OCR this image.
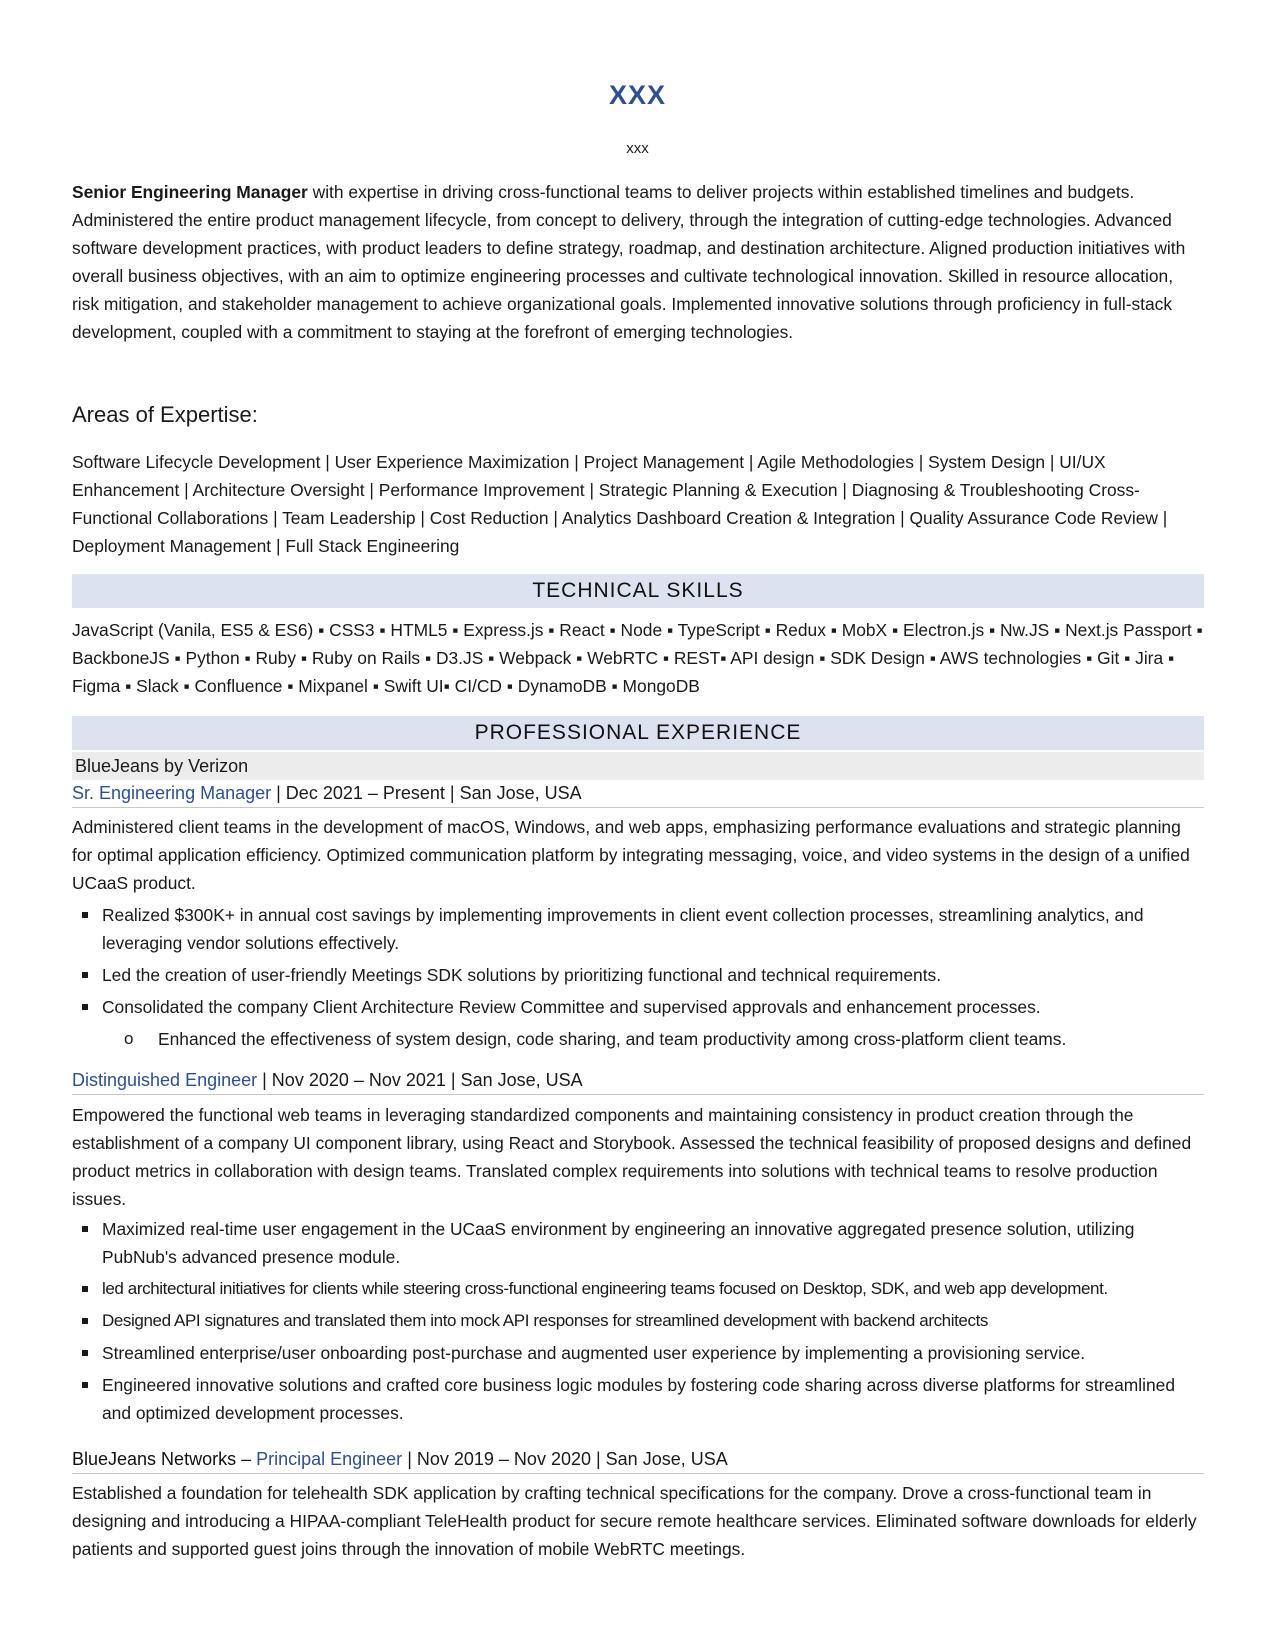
XXX
xxx
Senior Engineering Manager with expertise in driving cross-functional teams to deliver projects within established timelines and budgets. Administered the entire product management lifecycle, from concept to delivery, through the integration of cutting-edge technologies. Advanced software development practices, with product leaders to define strategy, roadmap, and destination architecture. Aligned production initiatives with overall business objectives, with an aim to optimize engineering processes and cultivate technological innovation. Skilled in resource allocation, risk mitigation, and stakeholder management to achieve organizational goals. Implemented innovative solutions through proficiency in full-stack development, coupled with a commitment to staying at the forefront of emerging technologies.
Areas of Expertise:
Software Lifecycle Development | User Experience Maximization | Project Management | Agile Methodologies | System Design | UI/UX Enhancement | Architecture Oversight | Performance Improvement | Strategic Planning & Execution | Diagnosing & Troubleshooting Cross-Functional Collaborations | Team Leadership | Cost Reduction | Analytics Dashboard Creation & Integration | Quality Assurance Code Review | Deployment Management | Full Stack Engineering
TECHNICAL SKILLS
JavaScript (Vanila, ES5 & ES6) ▪ CSS3 ▪ HTML5 ▪ Express.js ▪ React ▪ Node ▪ TypeScript ▪ Redux ▪ MobX ▪ Electron.js ▪ Nw.JS ▪ Next.js Passport ▪ BackboneJS ▪ Python ▪ Ruby ▪ Ruby on Rails ▪ D3.JS ▪ Webpack ▪ WebRTC ▪ REST▪ API design ▪ SDK Design ▪ AWS technologies ▪ Git ▪ Jira ▪ Figma ▪ Slack ▪ Confluence ▪ Mixpanel ▪ Swift UI▪ CI/CD ▪ DynamoDB ▪ MongoDB
PROFESSIONAL EXPERIENCE
BlueJeans by Verizon
Sr. Engineering Manager | Dec 2021 – Present | San Jose, USA
Administered client teams in the development of macOS, Windows, and web apps, emphasizing performance evaluations and strategic planning for optimal application efficiency. Optimized communication platform by integrating messaging, voice, and video systems in the design of a unified UCaaS product.
Realized $300K+ in annual cost savings by implementing improvements in client event collection processes, streamlining analytics, and leveraging vendor solutions effectively.
Led the creation of user-friendly Meetings SDK solutions by prioritizing functional and technical requirements.
Consolidated the company Client Architecture Review Committee and supervised approvals and enhancement processes.
o Enhanced the effectiveness of system design, code sharing, and team productivity among cross-platform client teams.
Distinguished Engineer | Nov 2020 – Nov 2021 | San Jose, USA
Empowered the functional web teams in leveraging standardized components and maintaining consistency in product creation through the establishment of a company UI component library, using React and Storybook. Assessed the technical feasibility of proposed designs and defined product metrics in collaboration with design teams. Translated complex requirements into solutions with technical teams to resolve production issues.
Maximized real-time user engagement in the UCaaS environment by engineering an innovative aggregated presence solution, utilizing PubNub's advanced presence module.
led architectural initiatives for clients while steering cross-functional engineering teams focused on Desktop, SDK, and web app development.
Designed API signatures and translated them into mock API responses for streamlined development with backend architects
Streamlined enterprise/user onboarding post-purchase and augmented user experience by implementing a provisioning service.
Engineered innovative solutions and crafted core business logic modules by fostering code sharing across diverse platforms for streamlined and optimized development processes.
BlueJeans Networks – Principal Engineer | Nov 2019 – Nov 2020 | San Jose, USA
Established a foundation for telehealth SDK application by crafting technical specifications for the company. Drove a cross-functional team in designing and introducing a HIPAA-compliant TeleHealth product for secure remote healthcare services. Eliminated software downloads for elderly patients and supported guest joins through the innovation of mobile WebRTC meetings.
